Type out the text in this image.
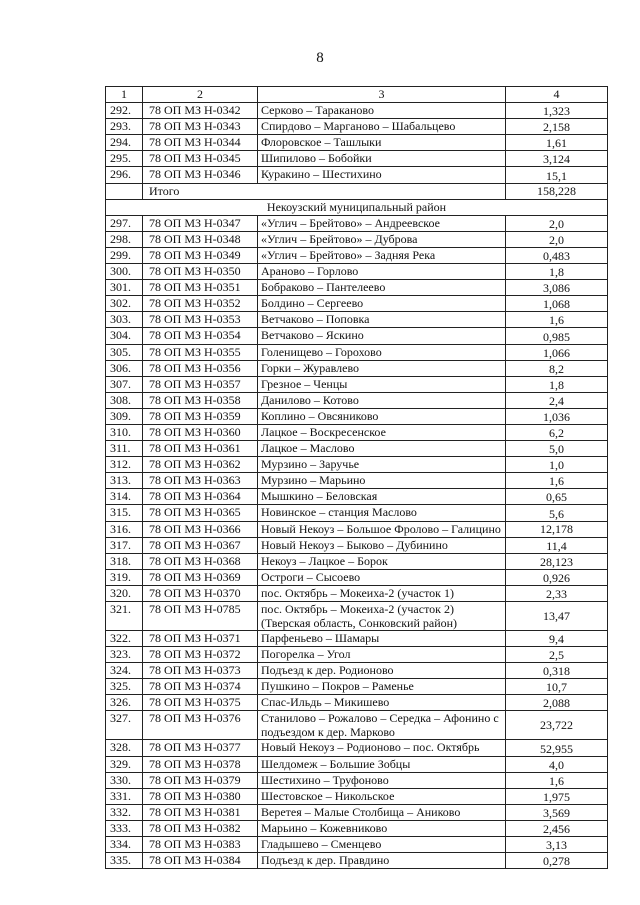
8
1	2	3	4
292.	78 ОП МЗ Н-0342	Серково – Тараканово	1,323
293.	78 ОП МЗ Н-0343	Спирдово – Марганово – Шабальцево	2,158
294.	78 ОП МЗ Н-0344	Флоровское – Ташлыки	1,61
295.	78 ОП МЗ Н-0345	Шипилово – Бобойки	3,124
296.	78 ОП МЗ Н-0346	Куракино – Шестихино	15,1
	Итого		158,228
Некоузский муниципальный район			
297.	78 ОП МЗ Н-0347	«Углич – Брейтово» – Андреевское	2,0
298.	78 ОП МЗ Н-0348	«Углич – Брейтово» – Дуброва	2,0
299.	78 ОП МЗ Н-0349	«Углич – Брейтово» – Задняя Река	0,483
300.	78 ОП МЗ Н-0350	Араново – Горлово	1,8
301.	78 ОП МЗ Н-0351	Бобраково – Пантелеево	3,086
302.	78 ОП МЗ Н-0352	Болдино – Сергеево	1,068
303.	78 ОП МЗ Н-0353	Ветчаково – Поповка	1,6
304.	78 ОП МЗ Н-0354	Ветчаково – Яскино	0,985
305.	78 ОП МЗ Н-0355	Голенищево – Горохово	1,066
306.	78 ОП МЗ Н-0356	Горки – Журавлево	8,2
307.	78 ОП МЗ Н-0357	Грезное – Ченцы	1,8
308.	78 ОП МЗ Н-0358	Данилово – Котово	2,4
309.	78 ОП МЗ Н-0359	Коплино – Овсяниково	1,036
310.	78 ОП МЗ Н-0360	Лацкое – Воскресенское	6,2
311.	78 ОП МЗ Н-0361	Лацкое – Маслово	5,0
312.	78 ОП МЗ Н-0362	Мурзино – Заручье	1,0
313.	78 ОП МЗ Н-0363	Мурзино – Марьино	1,6
314.	78 ОП МЗ Н-0364	Мышкино – Беловская	0,65
315.	78 ОП МЗ Н-0365	Новинское – станция Маслово	5,6
316.	78 ОП МЗ Н-0366	Новый Некоуз – Большое Фролово – Галицино	12,178
317.	78 ОП МЗ Н-0367	Новый Некоуз – Быково – Дубинино	11,4
318.	78 ОП МЗ Н-0368	Некоуз – Лацкое – Борок	28,123
319.	78 ОП МЗ Н-0369	Остроги – Сысоево	0,926
320.	78 ОП МЗ Н-0370	пос. Октябрь – Мокеиха-2 (участок 1)	2,33
321.	78 ОП МЗ Н-0785	пос. Октябрь – Мокеиха-2 (участок 2) (Тверская область, Сонковский район)	13,47
322.	78 ОП МЗ Н-0371	Парфеньево – Шамары	9,4
323.	78 ОП МЗ Н-0372	Погорелка – Угол	2,5
324.	78 ОП МЗ Н-0373	Подъезд к дер. Родионово	0,318
325.	78 ОП МЗ Н-0374	Пушкино – Покров – Раменье	10,7
326.	78 ОП МЗ Н-0375	Спас-Ильдь – Микишево	2,088
327.	78 ОП МЗ Н-0376	Станилово – Рожалово – Середка – Афонино с подъездом к дер. Марково	23,722
328.	78 ОП МЗ Н-0377	Новый Некоуз – Родионово – пос. Октябрь	52,955
329.	78 ОП МЗ Н-0378	Шелдомеж – Большие Зобцы	4,0
330.	78 ОП МЗ Н-0379	Шестихино – Труфоново	1,6
331.	78 ОП МЗ Н-0380	Шестовское – Никольское	1,975
332.	78 ОП МЗ Н-0381	Веретея – Малые Столбища – Аниково	3,569
333.	78 ОП МЗ Н-0382	Марьино – Кожевниково	2,456
334.	78 ОП МЗ Н-0383	Гладышево – Сменцево	3,13
335.	78 ОП МЗ Н-0384	Подъезд к дер. Правдино	0,278
